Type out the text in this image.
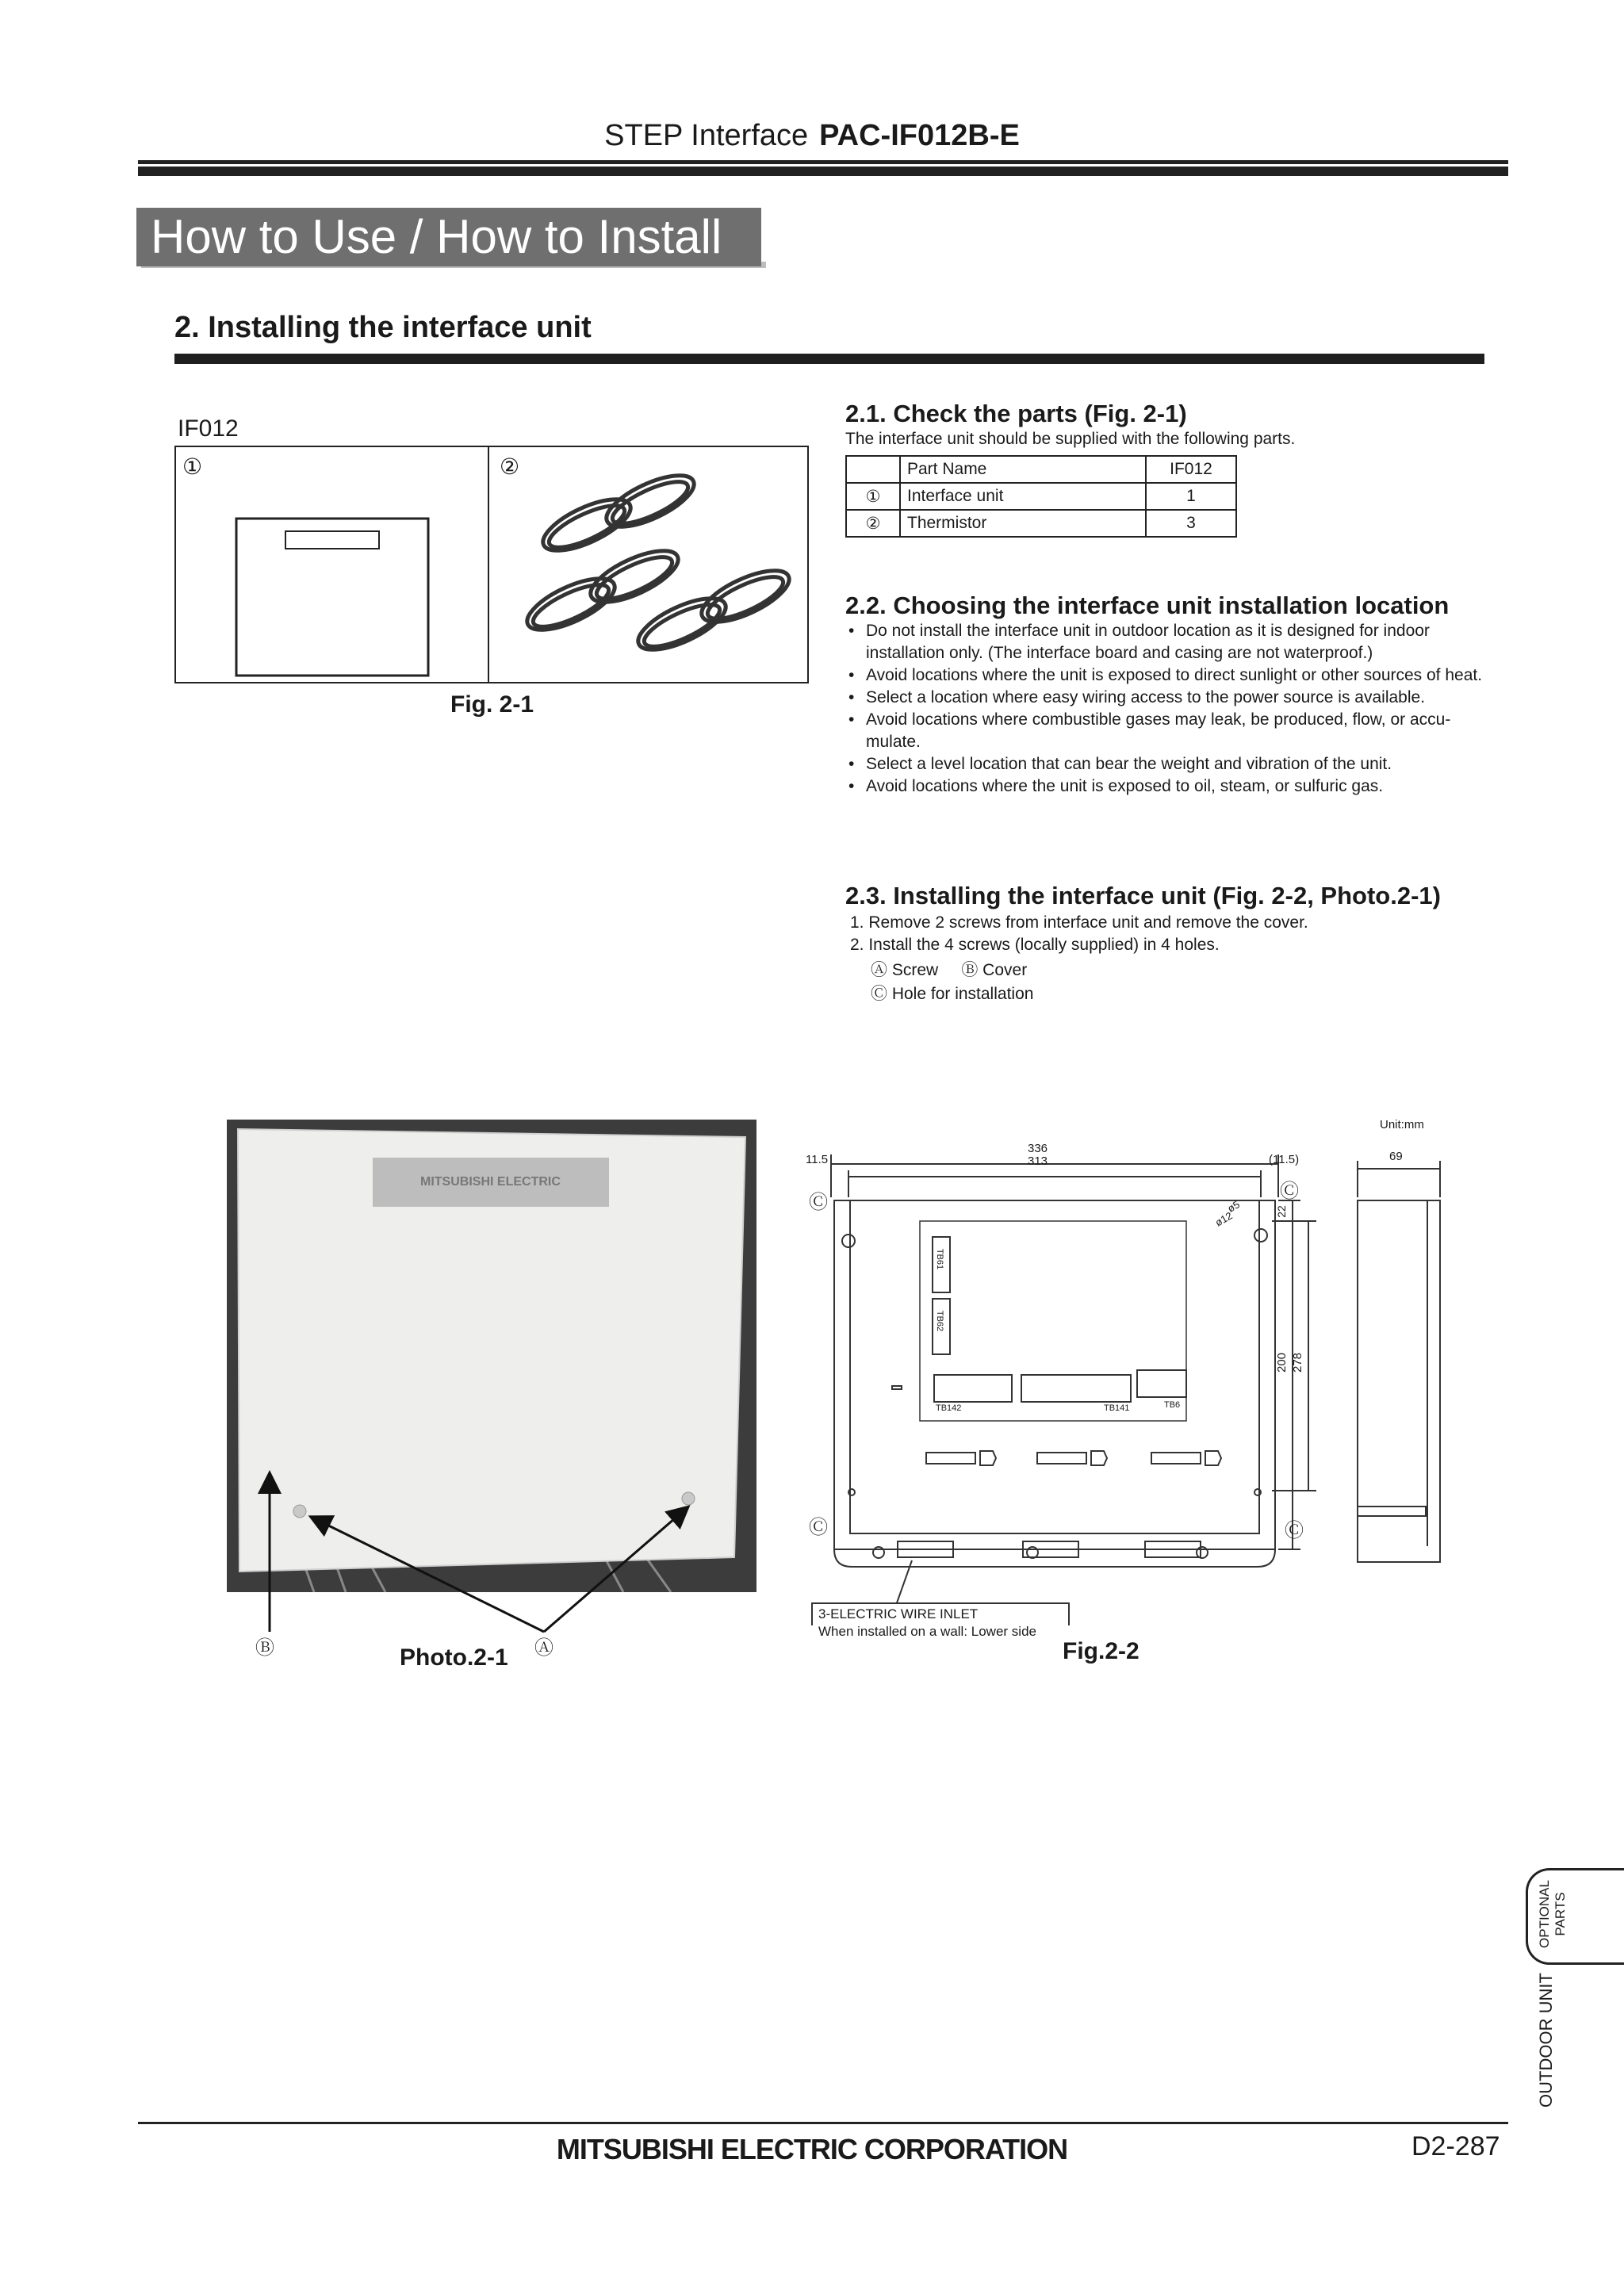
STEP Interface PAC-IF012B-E
How to Use / How to Install
2. Installing the interface unit
IF012
①	②
Fig. 2-1
2.1. Check the parts (Fig. 2-1)
The interface unit should be supplied with the following parts.
	Part Name	IF012
①	Interface unit	1
②	Thermistor	3
2.2. Choosing the interface unit installation location
• Do not install the interface unit in outdoor location as it is designed for indoor installation only. (The interface board and casing are not waterproof.)
• Avoid locations where the unit is exposed to direct sunlight or other sources of heat.
• Select a location where easy wiring access to the power source is available.
• Avoid locations where combustible gases may leak, be produced, flow, or accu-mulate.
• Select a level location that can bear the weight and vibration of the unit.
• Avoid locations where the unit is exposed to oil, steam, or sulfuric gas.
2.3. Installing the interface unit (Fig. 2-2, Photo.2-1)
1. Remove 2 screws from interface unit and remove the cover.
2. Install the 4 screws (locally supplied) in 4 holes.
Ⓐ Screw     Ⓑ Cover
Ⓒ Hole for installation
MITSUBISHI ELECTRIC
Ⓑ	Ⓐ
Photo.2-1
336
313
11.5	(11.5)	69
Unit:mm
200 278
22
ø5
ø12
Ⓒ
Ⓒ
Ⓒ	Ⓒ
TB61
TB62
TB142	TB141	TB6
3-ELECTRIC WIRE INLET
When installed on a wall: Lower side
Fig.2-2
OPTIONAL PARTS
OUTDOOR UNIT
MITSUBISHI ELECTRIC CORPORATION	D2-287
